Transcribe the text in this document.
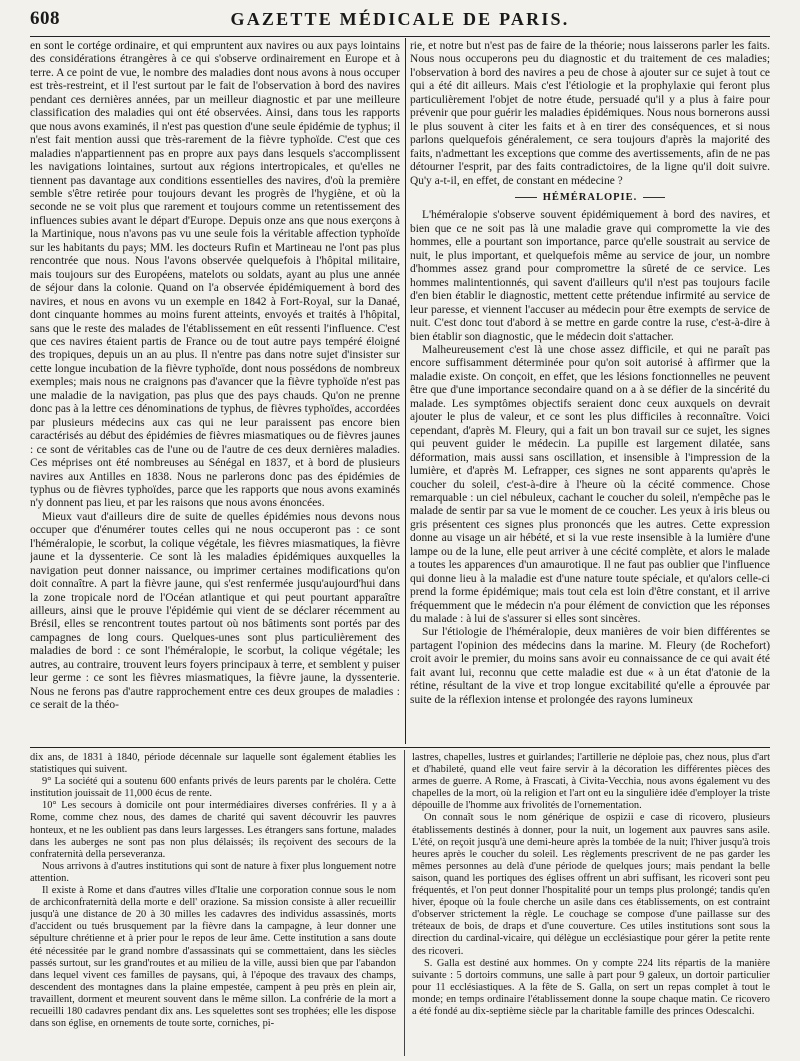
608	GAZETTE MÉDICALE DE PARIS.

en sont le cortége ordinaire, et qui empruntent aux navires ou aux pays lointains des considérations étrangères à ce qui s'observe ordinairement en Europe et à terre. A ce point de vue, le nombre des maladies dont nous avons à nous occuper est très-restreint, et il l'est surtout par le fait de l'observation à bord des navires pendant ces dernières années, par un meilleur diagnostic et par une meilleure classification des maladies qui ont été observées. Ainsi, dans tous les rapports que nous avons examinés, il n'est pas question d'une seule épidémie de typhus; il n'est fait mention aussi que très-rarement de la fièvre typhoïde. C'est que ces maladies n'appartiennent pas en propre aux pays dans lesquels s'accomplissent les navigations lointaines, surtout aux régions intertropicales, et qu'elles ne tiennent pas davantage aux conditions essentielles des navires, d'où la première semble s'être retirée pour toujours devant les progrès de l'hygiène, et où la seconde ne se voit plus que rarement et toujours comme un retentissement des influences subies avant le départ d'Europe. Depuis onze ans que nous exerçons à la Martinique, nous n'avons pas vu une seule fois la véritable affection typhoïde sur les habitants du pays; MM. les docteurs Rufin et Martineau ne l'ont pas plus rencontrée que nous. Nous l'avons observée quelquefois à l'hôpital militaire, mais toujours sur des Européens, matelots ou soldats, ayant au plus une année de séjour dans la colonie. Quand on l'a observée épidémiquement à bord des navires, et nous en avons vu un exemple en 1842 à Fort-Royal, sur la Danaé, dont cinquante hommes au moins furent atteints, envoyés et traités à l'hôpital, sans que le reste des malades de l'établissement en eût ressenti l'influence. C'est que ces navires étaient partis de France ou de tout autre pays tempéré éloigné des tropiques, depuis un an au plus. Il n'entre pas dans notre sujet d'insister sur cette longue incubation de la fièvre typhoïde, dont nous possédons de nombreux exemples; mais nous ne craignons pas d'avancer que la fièvre typhoïde n'est pas une maladie de la navigation, pas plus que des pays chauds. Qu'on ne prenne donc pas à la lettre ces dénominations de typhus, de fièvres typhoïdes, accordées par plusieurs médecins aux cas qui ne leur paraissent pas encore bien caractérisés au début des épidémies de fièvres miasmatiques ou de fièvres jaunes : ce sont de véritables cas de l'une ou de l'autre de ces deux dernières maladies. Ces méprises ont été nombreuses au Sénégal en 1837, et à bord de plusieurs navires aux Antilles en 1838. Nous ne parlerons donc pas des épidémies de typhus ou de fièvres typhoïdes, parce que les rapports que nous avons examinés n'y donnent pas lieu, et par les raisons que nous avons énoncées.

Mieux vaut d'ailleurs dire de suite de quelles épidémies nous devons nous occuper que d'énumérer toutes celles qui ne nous occuperont pas : ce sont l'héméralopie, le scorbut, la colique végétale, les fièvres miasmatiques, la fièvre jaune et la dyssenterie. Ce sont là les maladies épidémiques auxquelles la navigation peut donner naissance, ou imprimer certaines modifications qu'on doit connaître. A part la fièvre jaune, qui s'est renfermée jusqu'aujourd'hui dans la zone tropicale nord de l'Océan atlantique et qui peut pourtant apparaître ailleurs, ainsi que le prouve l'épidémie qui vient de se déclarer récemment au Brésil, elles se rencontrent toutes partout où nos bâtiments sont portés par des campagnes de long cours. Quelques-unes sont plus particulièrement des maladies de bord : ce sont l'héméralopie, le scorbut, la colique végétale; les autres, au contraire, trouvent leurs foyers principaux à terre, et semblent y puiser leur germe : ce sont les fièvres miasmatiques, la fièvre jaune, la dyssenterie. Nous ne ferons pas d'autre rapprochement entre ces deux groupes de maladies : ce serait de la théo-

rie, et notre but n'est pas de faire de la théorie; nous laisserons parler les faits. Nous nous occuperons peu du diagnostic et du traitement de ces maladies; l'observation à bord des navires a peu de chose à ajouter sur ce sujet à tout ce qui a été dit ailleurs. Mais c'est l'étiologie et la prophylaxie qui feront plus particulièrement l'objet de notre étude, persuadé qu'il y a plus à faire pour prévenir que pour guérir les maladies épidémiques. Nous nous bornerons aussi le plus souvent à citer les faits et à en tirer des conséquences, et si nous parlons quelquefois généralement, ce sera toujours d'après la majorité des faits, n'admettant les exceptions que comme des avertissements, afin de ne pas détourner l'esprit, par des faits contradictoires, de la ligne qu'il doit suivre. Qu'y a-t-il, en effet, de constant en médecine ?

HÉMÉRALOPIE.

L'héméralopie s'observe souvent épidémiquement à bord des navires, et bien que ce ne soit pas là une maladie grave qui compromette la vie des hommes, elle a pourtant son importance, parce qu'elle soustrait au service de nuit, le plus important, et quelquefois même au service de jour, un nombre d'hommes assez grand pour compromettre la sûreté de ce service. Les hommes malintentionnés, qui savent d'ailleurs qu'il n'est pas toujours facile d'en bien établir le diagnostic, mettent cette prétendue infirmité au service de leur paresse, et viennent l'accuser au médecin pour être exempts de service de nuit. C'est donc tout d'abord à se mettre en garde contre la ruse, c'est-à-dire à bien établir son diagnostic, que le médecin doit s'attacher.

Malheureusement c'est là une chose assez difficile, et qui ne paraît pas encore suffisamment déterminée pour qu'on soit autorisé à affirmer que la maladie existe. On conçoit, en effet, que les lésions fonctionnelles ne peuvent être que d'une importance secondaire quand on a à se défier de la sincérité du malade. Les symptômes objectifs seraient donc ceux auxquels on devrait ajouter le plus de valeur, et ce sont les plus difficiles à reconnaître. Voici cependant, d'après M. Fleury, qui a fait un bon travail sur ce sujet, les signes qui peuvent guider le médecin. La pupille est largement dilatée, sans déformation, mais aussi sans oscillation, et insensible à l'impression de la lumière, et d'après M. Lefrapper, ces signes ne sont apparents qu'après le coucher du soleil, c'est-à-dire à l'heure où la cécité commence. Chose remarquable : un ciel nébuleux, cachant le coucher du soleil, n'empêche pas le malade de sentir par sa vue le moment de ce coucher. Les yeux à iris bleus ou gris présentent ces signes plus prononcés que les autres. Cette expression donne au visage un air hébété, et si la vue reste insensible à la lumière d'une lampe ou de la lune, elle peut arriver à une cécité complète, et alors le malade a toutes les apparences d'un amaurotique. Il ne faut pas oublier que l'influence qui donne lieu à la maladie est d'une nature toute spéciale, et qu'alors celle-ci prend la forme épidémique; mais tout cela est loin d'être constant, et il arrive fréquemment que le médecin n'a pour élément de conviction que les réponses du malade : à lui de s'assurer si elles sont sincères.

Sur l'étiologie de l'héméralopie, deux manières de voir bien différentes se partagent l'opinion des médecins dans la marine. M. Fleury (de Rochefort) croit avoir le premier, du moins sans avoir eu connaissance de ce qui avait été fait avant lui, reconnu que cette maladie est due « à un état d'atonie de la rétine, résultant de la vive et trop longue excitabilité qu'elle a éprouvée par suite de la réflexion intense et prolongée des rayons lumineux

dix ans, de 1831 à 1840, période décennale sur laquelle sont également établies les statistiques qui suivent.

9° La société qui a soutenu 600 enfants privés de leurs parents par le choléra. Cette institution jouissait de 11,000 écus de rente.

10° Les secours à domicile ont pour intermédiaires diverses confréries. Il y a à Rome, comme chez nous, des dames de charité qui savent découvrir les pauvres honteux, et ne les oublient pas dans leurs largesses. Les étrangers sans fortune, malades dans les auberges ne sont pas non plus délaissés; ils reçoivent des secours de la confraternità della perseveranza.

Nous arrivons à d'autres institutions qui sont de nature à fixer plus longuement notre attention.

Il existe à Rome et dans d'autres villes d'Italie une corporation connue sous le nom de archiconfraternità della morte e dell' orazione. Sa mission consiste à aller recueillir jusqu'à une distance de 20 à 30 milles les cadavres des individus assassinés, morts d'accident ou tués brusquement par la fièvre dans la campagne, à leur donner une sépulture chrétienne et à prier pour le repos de leur âme. Cette institution a sans doute été nécessitée par le grand nombre d'assassinats qui se commettaient, dans les siècles passés surtout, sur les grand'routes et au milieu de la ville, aussi bien que par l'abandon dans lequel vivent ces familles de paysans, qui, à l'époque des travaux des champs, descendent des montagnes dans la plaine empestée, campent à peu près en plein air, travaillent, dorment et meurent souvent dans le même sillon. La confrérie de la mort a recueilli 180 cadavres pendant dix ans. Les squelettes sont ses trophées; elle les dispose dans son église, en ornements de toute sorte, corniches, pi-

lastres, chapelles, lustres et guirlandes; l'artillerie ne déploie pas, chez nous, plus d'art et d'habileté, quand elle veut faire servir à la décoration les différentes pièces des armes de guerre. A Rome, à Frascati, à Civita-Vecchia, nous avons également vu des chapelles de la mort, où la religion et l'art ont eu la singulière idée d'employer la triste dépouille de l'homme aux frivolités de l'ornementation.

On connaît sous le nom générique de ospizii e case di ricovero, plusieurs établissements destinés à donner, pour la nuit, un logement aux pauvres sans asile. L'été, on reçoit jusqu'à une demi-heure après la tombée de la nuit; l'hiver jusqu'à trois heures après le coucher du soleil. Les règlements prescrivent de ne pas garder les mêmes personnes au delà d'une période de quelques jours; mais pendant la belle saison, quand les portiques des églises offrent un abri suffisant, les ricoveri sont peu fréquentés, et l'on peut donner l'hospitalité pour un temps plus prolongé; tandis qu'en hiver, époque où la foule cherche un asile dans ces établissements, on est contraint d'observer strictement la règle. Le couchage se compose d'une paillasse sur des tréteaux de bois, de draps et d'une couverture. Ces utiles institutions sont sous la direction du cardinal-vicaire, qui délègue un ecclésiastique pour gérer la petite rente des ricoveri.

S. Galla est destiné aux hommes. On y compte 224 lits répartis de la manière suivante : 5 dortoirs communs, une salle à part pour 9 galeux, un dortoir particulier pour 11 ecclésiastiques. A la fête de S. Galla, on sert un repas complet à tout le monde; en temps ordinaire l'établissement donne la soupe chaque matin. Ce ricovero a été fondé au dix-septième siècle par la charitable famille des princes Odescalchi.
